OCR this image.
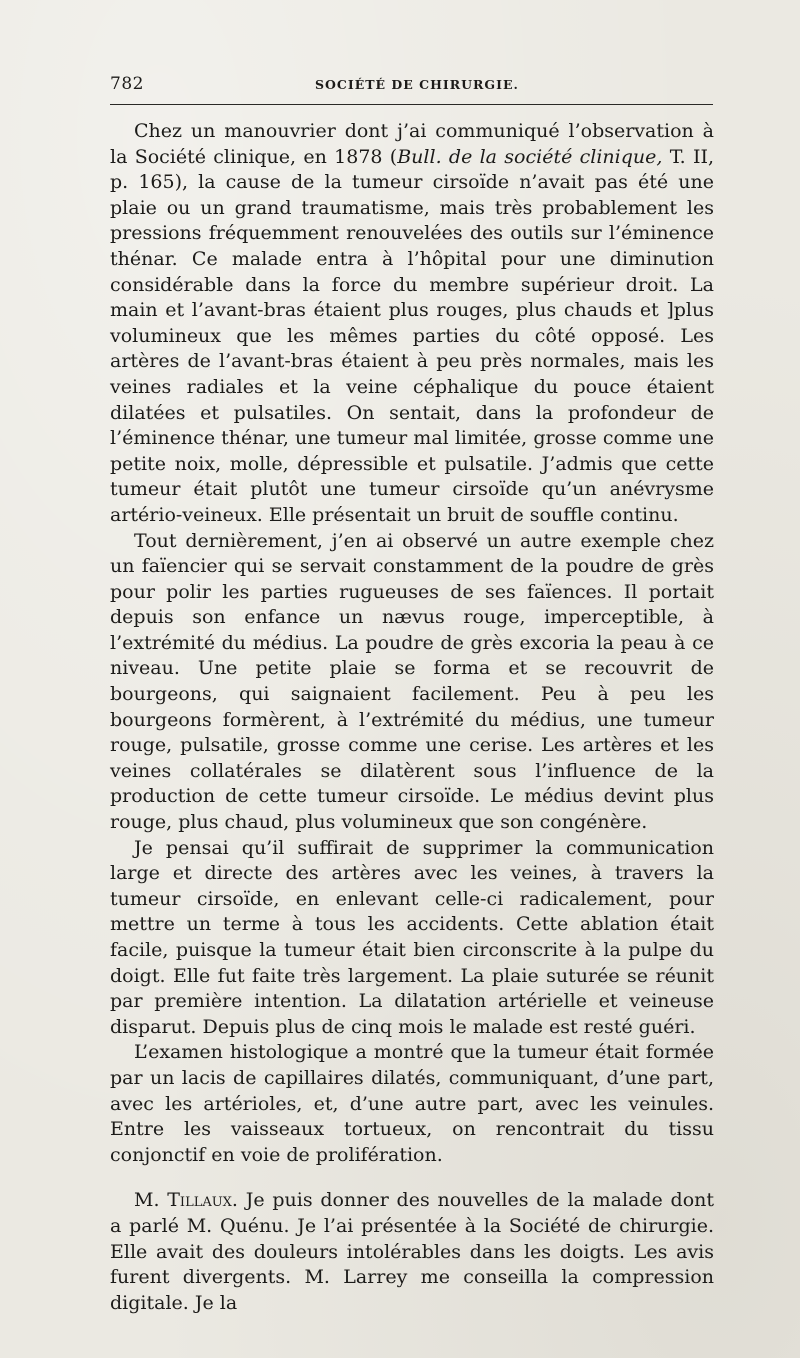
782	SOCIÉTÉ DE CHIRURGIE.

Chez un manouvrier dont j’ai communiqué l’observation à la Société clinique, en 1878 (Bull. de la société clinique, T. II, p. 165), la cause de la tumeur cirsoïde n’avait pas été une plaie ou un grand traumatisme, mais très probablement les pressions fréquemment renouvelées des outils sur l’éminence thénar. Ce malade entra à l’hôpital pour une diminution considérable dans la force du membre supérieur droit. La main et l’avant-bras étaient plus rouges, plus chauds et ]plus volumineux que les mêmes parties du côté opposé. Les artères de l’avant-bras étaient à peu près normales, mais les veines radiales et la veine céphalique du pouce étaient dilatées et pulsatiles. On sentait, dans la profondeur de l’éminence thénar, une tumeur mal limitée, grosse comme une petite noix, molle, dépressible et pulsatile. J’admis que cette tumeur était plutôt une tumeur cirsoïde qu’un anévrysme artério-veineux. Elle présentait un bruit de souffle continu.

Tout dernièrement, j’en ai observé un autre exemple chez un faïencier qui se servait constamment de la poudre de grès pour polir les parties rugueuses de ses faïences. Il portait depuis son enfance un nævus rouge, imperceptible, à l’extrémité du médius. La poudre de grès excoria la peau à ce niveau. Une petite plaie se forma et se recouvrit de bourgeons, qui saignaient facilement. Peu à peu les bourgeons formèrent, à l’extrémité du médius, une tumeur rouge, pulsatile, grosse comme une cerise. Les artères et les veines collatérales se dilatèrent sous l’influence de la production de cette tumeur cirsoïde. Le médius devint plus rouge, plus chaud, plus volumineux que son congénère.

Je pensai qu’il suffirait de supprimer la communication large et directe des artères avec les veines, à travers la tumeur cirsoïde, en enlevant celle-ci radicalement, pour mettre un terme à tous les accidents. Cette ablation était facile, puisque la tumeur était bien circonscrite à la pulpe du doigt. Elle fut faite très largement. La plaie suturée se réunit par première intention. La dilatation artérielle et veineuse disparut. Depuis plus de cinq mois le malade est resté guéri.

L’examen histologique a montré que la tumeur était formée par un lacis de capillaires dilatés, communiquant, d’une part, avec les artérioles, et, d’une autre part, avec les veinules. Entre les vaisseaux tortueux, on rencontrait du tissu conjonctif en voie de prolifération.

M. Tillaux. Je puis donner des nouvelles de la malade dont a parlé M. Quénu. Je l’ai présentée à la Société de chirurgie. Elle avait des douleurs intolérables dans les doigts. Les avis furent divergents. M. Larrey me conseilla la compression digitale. Je la
